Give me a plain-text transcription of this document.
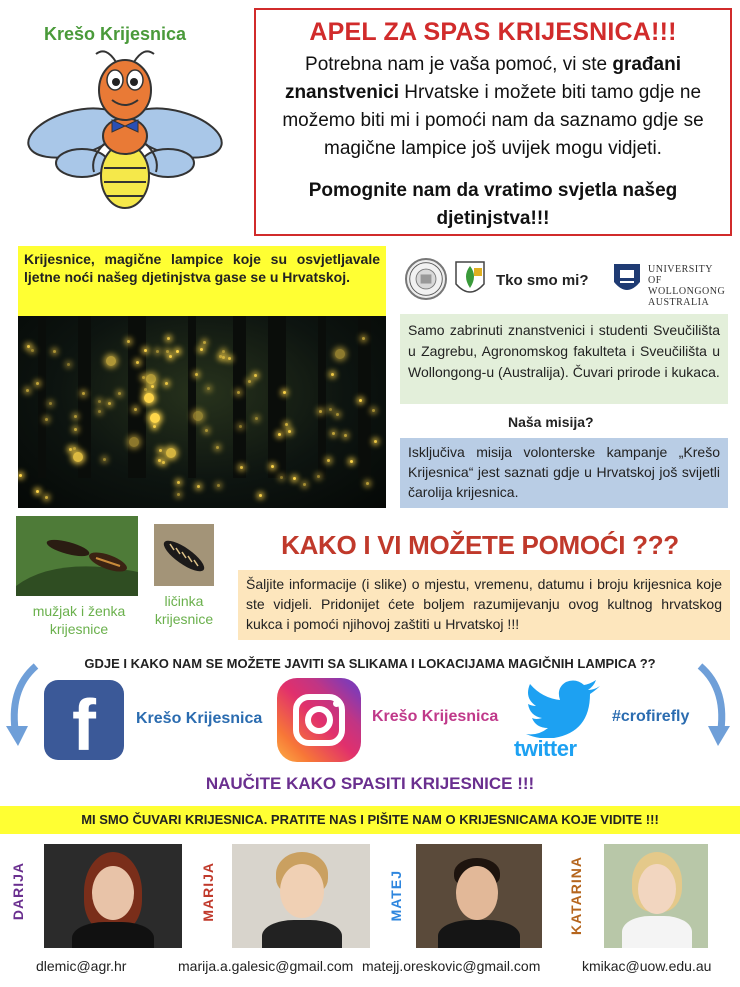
Krešo Krijesnica	APEL ZA SPAS KRIJESNICA!!!

Potrebna nam je vaša pomoć, vi ste građani znanstvenici Hrvatske i možete biti tamo gdje ne možemo biti mi i pomoći nam da saznamo gdje se magične lampice još uvijek mogu vidjeti.

Pomognite nam da vratimo svjetla našeg djetinjstva!!!

Krijesnice, magične lampice koje su osvjetljavale ljetne noći našeg djetinjstva gase se u Hrvatskoj.	Tko smo mi?
UNIVERSITY
OF WOLLONGONG
AUSTRALIA
Samo zabrinuti znanstvenici i studenti Sveučilišta u Zagrebu, Agronomskog fakulteta i Sveučilišta u Wollongong-u (Australija). Čuvari prirode i kukaca.
Naša misija?
Isključiva misija volonterske kampanje „Krešo Krijesnica“ jest saznati gdje u Hrvatskoj još svijetli čarolija krijesnica.
mužjak i ženka krijesnice
ličinka krijesnice
KAKO I VI MOŽETE POMOĆI ???
Šaljite informacije (i slike) o mjestu, vremenu, datumu i broju krijesnica koje ste vidjeli. Pridonijet ćete boljem razumijevanju ovog kultnog hrvatskog kukca i pomoći njihovoj zaštiti u Hrvatskoj !!!
GDJE I KAKO NAM SE MOŽETE JAVITI SA SLIKAMA I LOKACIJAMA MAGIČNIH LAMPICA ??
f	Krešo Krijesnica	Krešo Krijesnica
twitter
#crofirefly
NAUČITE KAKO SPASITI KRIJESNICE !!!
MI SMO ČUVARI KRIJESNICA. PRATITE NAS I PIŠITE NAM O KRIJESNICAMA KOJE VIDITE !!!
DARIJA
dlemic@agr.hr
MARIJA
marija.a.galesic@gmail.com
MATEJ
matejj.oreskovic@gmail.com
KATARINA
kmikac@uow.edu.au
